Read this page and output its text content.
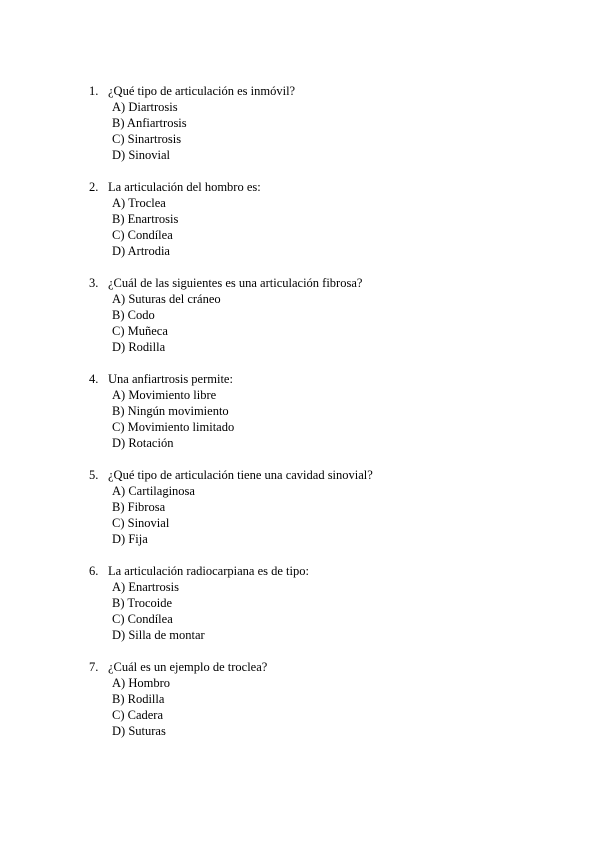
1. ¿Qué tipo de articulación es inmóvil?
A) Diartrosis
B) Anfiartrosis
C) Sinartrosis
D) Sinovial
2. La articulación del hombro es:
A) Troclea
B) Enartrosis
C) Condílea
D) Artrodia
3. ¿Cuál de las siguientes es una articulación fibrosa?
A) Suturas del cráneo
B) Codo
C) Muñeca
D) Rodilla
4. Una anfiartrosis permite:
A) Movimiento libre
B) Ningún movimiento
C) Movimiento limitado
D) Rotación
5. ¿Qué tipo de articulación tiene una cavidad sinovial?
A) Cartilaginosa
B) Fibrosa
C) Sinovial
D) Fija
6. La articulación radiocarpiana es de tipo:
A) Enartrosis
B) Trocoide
C) Condílea
D) Silla de montar
7. ¿Cuál es un ejemplo de troclea?
A) Hombro
B) Rodilla
C) Cadera
D) Suturas
